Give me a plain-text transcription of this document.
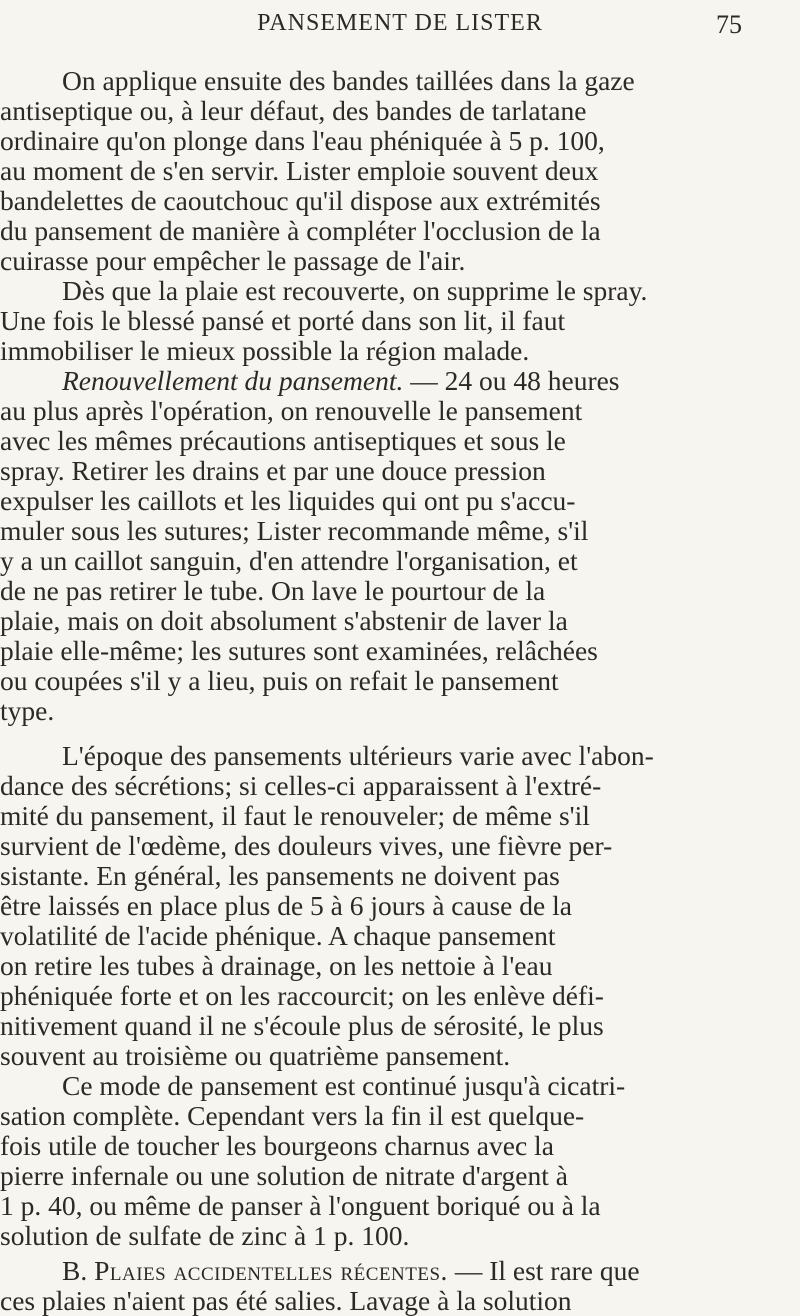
PANSEMENT DE LISTER	75
On applique ensuite des bandes taillées dans la gaze
antiseptique ou, à leur défaut, des bandes de tarlatane
ordinaire qu'on plonge dans l'eau phéniquée à 5 p. 100,
au moment de s'en servir. Lister emploie souvent deux
bandelettes de caoutchouc qu'il dispose aux extrémités
du pansement de manière à compléter l'occlusion de la
cuirasse pour empêcher le passage de l'air.
Dès que la plaie est recouverte, on supprime le spray.
Une fois le blessé pansé et porté dans son lit, il faut
immobiliser le mieux possible la région malade.
Renouvellement du pansement. — 24 ou 48 heures
au plus après l'opération, on renouvelle le pansement
avec les mêmes précautions antiseptiques et sous le
spray. Retirer les drains et par une douce pression
expulser les caillots et les liquides qui ont pu s'accu-
muler sous les sutures; Lister recommande même, s'il
y a un caillot sanguin, d'en attendre l'organisation, et
de ne pas retirer le tube. On lave le pourtour de la
plaie, mais on doit absolument s'abstenir de laver la
plaie elle-même; les sutures sont examinées, relâchées
ou coupées s'il y a lieu, puis on refait le pansement
type.
L'époque des pansements ultérieurs varie avec l'abon-
dance des sécrétions; si celles-ci apparaissent à l'extré-
mité du pansement, il faut le renouveler; de même s'il
survient de l'œdème, des douleurs vives, une fièvre per-
sistante. En général, les pansements ne doivent pas
être laissés en place plus de 5 à 6 jours à cause de la
volatilité de l'acide phénique. A chaque pansement
on retire les tubes à drainage, on les nettoie à l'eau
phéniquée forte et on les raccourcit; on les enlève défi-
nitivement quand il ne s'écoule plus de sérosité, le plus
souvent au troisième ou quatrième pansement.
Ce mode de pansement est continué jusqu'à cicatri-
sation complète. Cependant vers la fin il est quelque-
fois utile de toucher les bourgeons charnus avec la
pierre infernale ou une solution de nitrate d'argent à
1 p. 40, ou même de panser à l'onguent boriqué ou à la
solution de sulfate de zinc à 1 p. 100.
B. Plaies accidentelles récentes. — Il est rare que
ces plaies n'aient pas été salies. Lavage à la solution
